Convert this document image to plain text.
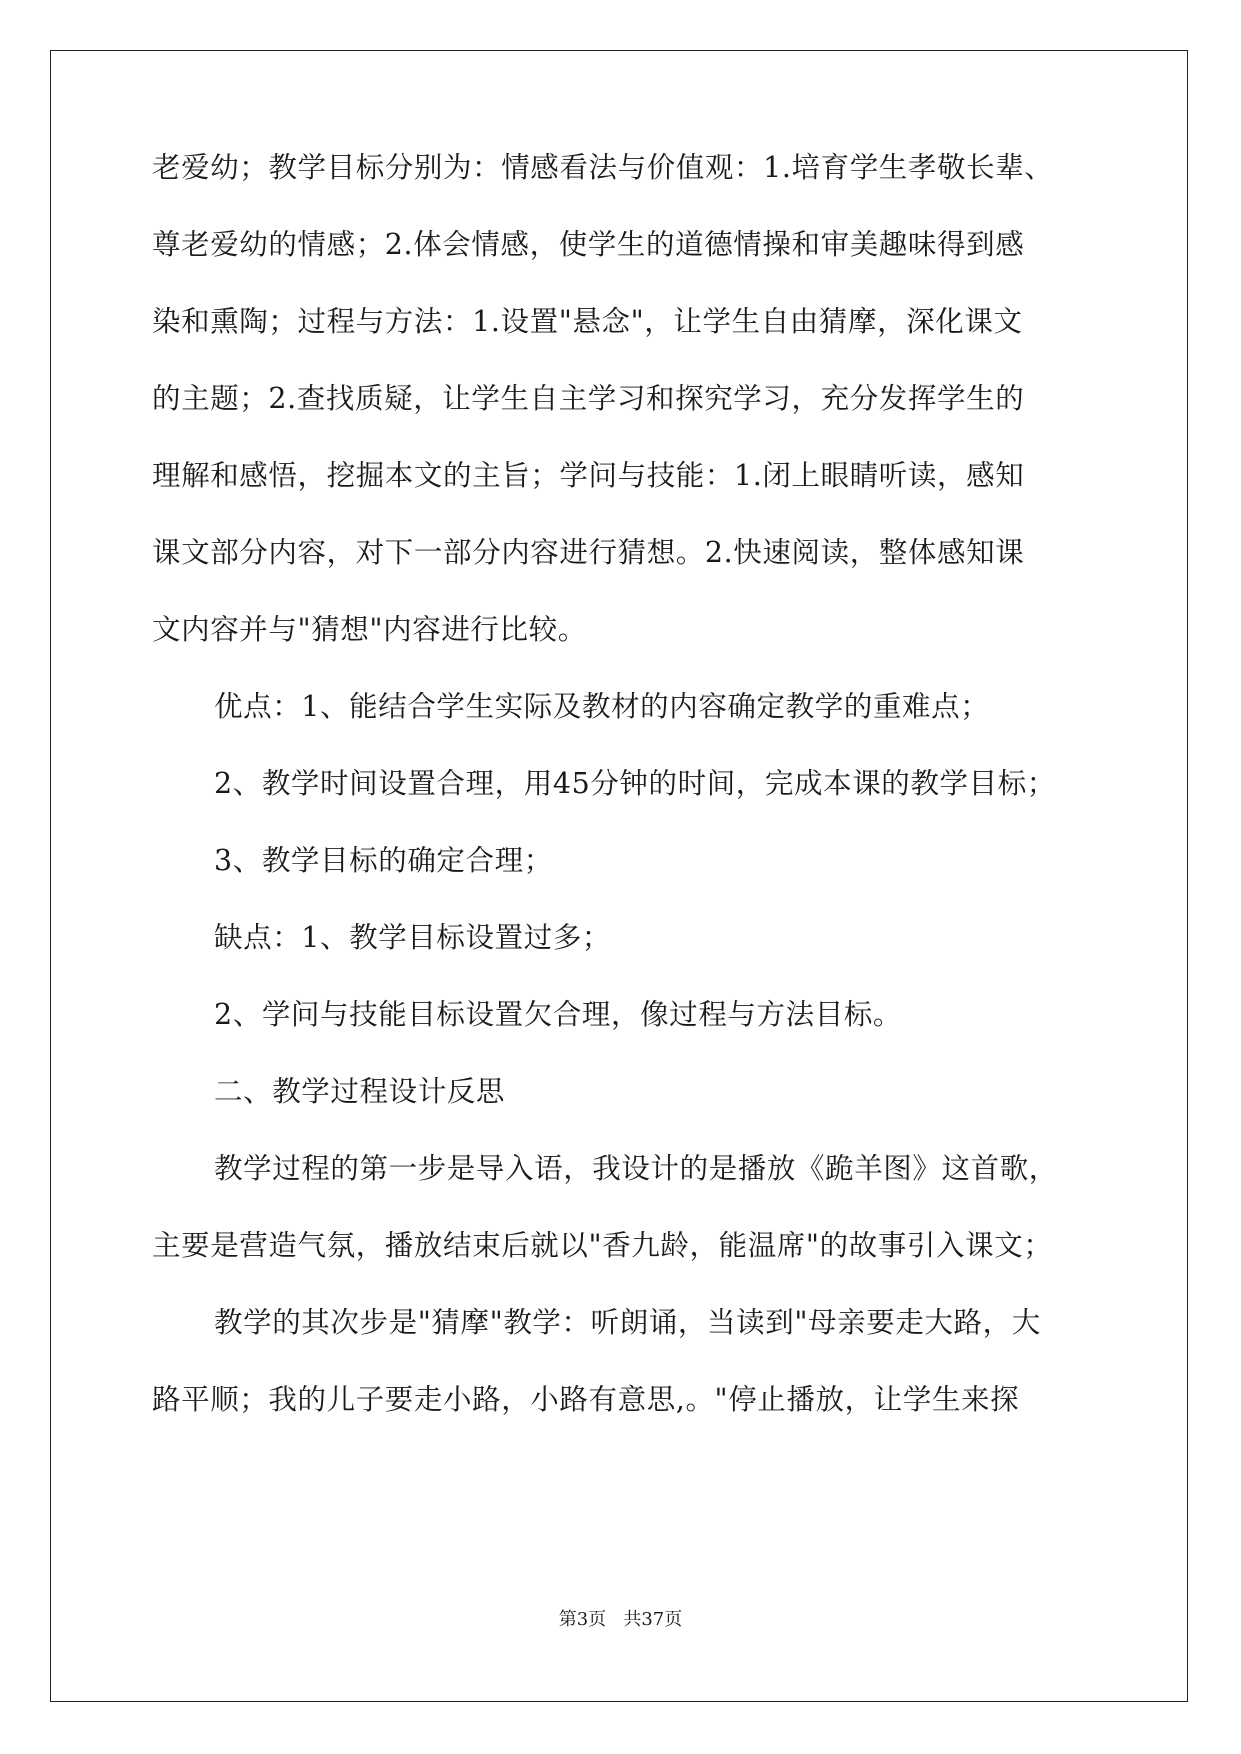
老爱幼；教学目标分别为：情感看法与价值观：1.培育学生孝敬长辈、
尊老爱幼的情感；2.体会情感，使学生的道德情操和审美趣味得到感
染和熏陶；过程与方法：1.设置"悬念"，让学生自由猜摩，深化课文
的主题；2.查找质疑，让学生自主学习和探究学习，充分发挥学生的
理解和感悟，挖掘本文的主旨；学问与技能：1.闭上眼睛听读，感知
课文部分内容，对下一部分内容进行猜想。2.快速阅读，整体感知课
文内容并与"猜想"内容进行比较。
优点：1、能结合学生实际及教材的内容确定教学的重难点；
2、教学时间设置合理，用45分钟的时间，完成本课的教学目标；
3、教学目标的确定合理；
缺点：1、教学目标设置过多；
2、学问与技能目标设置欠合理，像过程与方法目标。
二、教学过程设计反思
教学过程的第一步是导入语，我设计的是播放《跪羊图》这首歌，
主要是营造气氛，播放结束后就以"香九龄，能温席"的故事引入课文；
教学的其次步是"猜摩"教学：听朗诵，当读到"母亲要走大路，大
路平顺；我的儿子要走小路，小路有意思,。"停止播放，让学生来探
第3页   共37页
